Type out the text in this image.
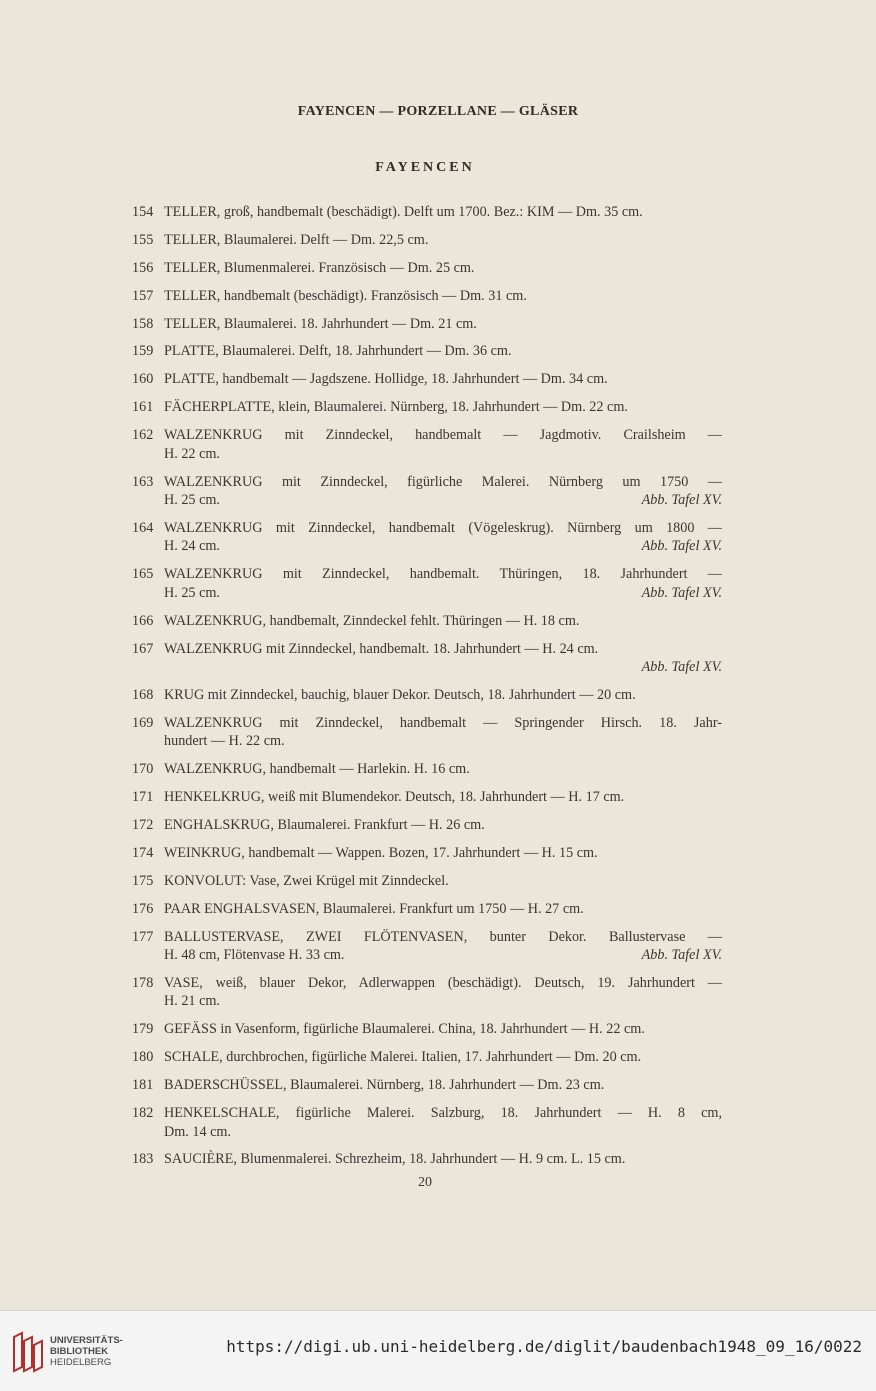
FAYENCEN — PORZELLANE — GLÄSER
FAYENCEN
154 TELLER, groß, handbemalt (beschädigt). Delft um 1700. Bez.: KIM — Dm. 35 cm.
155 TELLER, Blaumalerei. Delft — Dm. 22,5 cm.
156 TELLER, Blumenmalerei. Französisch — Dm. 25 cm.
157 TELLER, handbemalt (beschädigt). Französisch — Dm. 31 cm.
158 TELLER, Blaumalerei. 18. Jahrhundert — Dm. 21 cm.
159 PLATTE, Blaumalerei. Delft, 18. Jahrhundert — Dm. 36 cm.
160 PLATTE, handbemalt — Jagdszene. Hollidge, 18. Jahrhundert — Dm. 34 cm.
161 FÄCHERPLATTE, klein, Blaumalerei. Nürnberg, 18. Jahrhundert — Dm. 22 cm.
162 WALZENKRUG mit Zinndeckel, handbemalt — Jagdmotiv. Crailsheim —
H. 22 cm.
163 WALZENKRUG mit Zinndeckel, figürliche Malerei. Nürnberg um 1750 —
H. 25 cm.	Abb. Tafel XV.
164 WALZENKRUG mit Zinndeckel, handbemalt (Vögeleskrug). Nürnberg um 1800 —
H. 24 cm.	Abb. Tafel XV.
165 WALZENKRUG mit Zinndeckel, handbemalt. Thüringen, 18. Jahrhundert —
H. 25 cm.	Abb. Tafel XV.
166 WALZENKRUG, handbemalt, Zinndeckel fehlt. Thüringen — H. 18 cm.
167 WALZENKRUG mit Zinndeckel, handbemalt. 18. Jahrhundert — H. 24 cm.
Abb. Tafel XV.
168 KRUG mit Zinndeckel, bauchig, blauer Dekor. Deutsch, 18. Jahrhundert — 20 cm.
169 WALZENKRUG mit Zinndeckel, handbemalt — Springender Hirsch. 18. Jahr-
hundert — H. 22 cm.
170 WALZENKRUG, handbemalt — Harlekin. H. 16 cm.
171 HENKELKRUG, weiß mit Blumendekor. Deutsch, 18. Jahrhundert — H. 17 cm.
172 ENGHALSKRUG, Blaumalerei. Frankfurt — H. 26 cm.
174 WEINKRUG, handbemalt — Wappen. Bozen, 17. Jahrhundert — H. 15 cm.
175 KONVOLUT: Vase, Zwei Krügel mit Zinndeckel.
176 PAAR ENGHALSVASEN, Blaumalerei. Frankfurt um 1750 — H. 27 cm.
177 BALLUSTERVASE, ZWEI FLÖTENVASEN, bunter Dekor. Ballustervase —
H. 48 cm, Flötenvase H. 33 cm.	Abb. Tafel XV.
178 VASE, weiß, blauer Dekor, Adlerwappen (beschädigt). Deutsch, 19. Jahrhundert —
H. 21 cm.
179 GEFÄSS in Vasenform, figürliche Blaumalerei. China, 18. Jahrhundert — H. 22 cm.
180 SCHALE, durchbrochen, figürliche Malerei. Italien, 17. Jahrhundert — Dm. 20 cm.
181 BADERSCHÜSSEL, Blaumalerei. Nürnberg, 18. Jahrhundert — Dm. 23 cm.
182 HENKELSCHALE, figürliche Malerei. Salzburg, 18. Jahrhundert — H. 8 cm,
Dm. 14 cm.
183 SAUCIÈRE, Blumenmalerei. Schrezheim, 18. Jahrhundert — H. 9 cm. L. 15 cm.
20
UNIVERSITÄTS-
BIBLIOTHEK
HEIDELBERG
https://digi.ub.uni-heidelberg.de/diglit/baudenbach1948_09_16/0022
